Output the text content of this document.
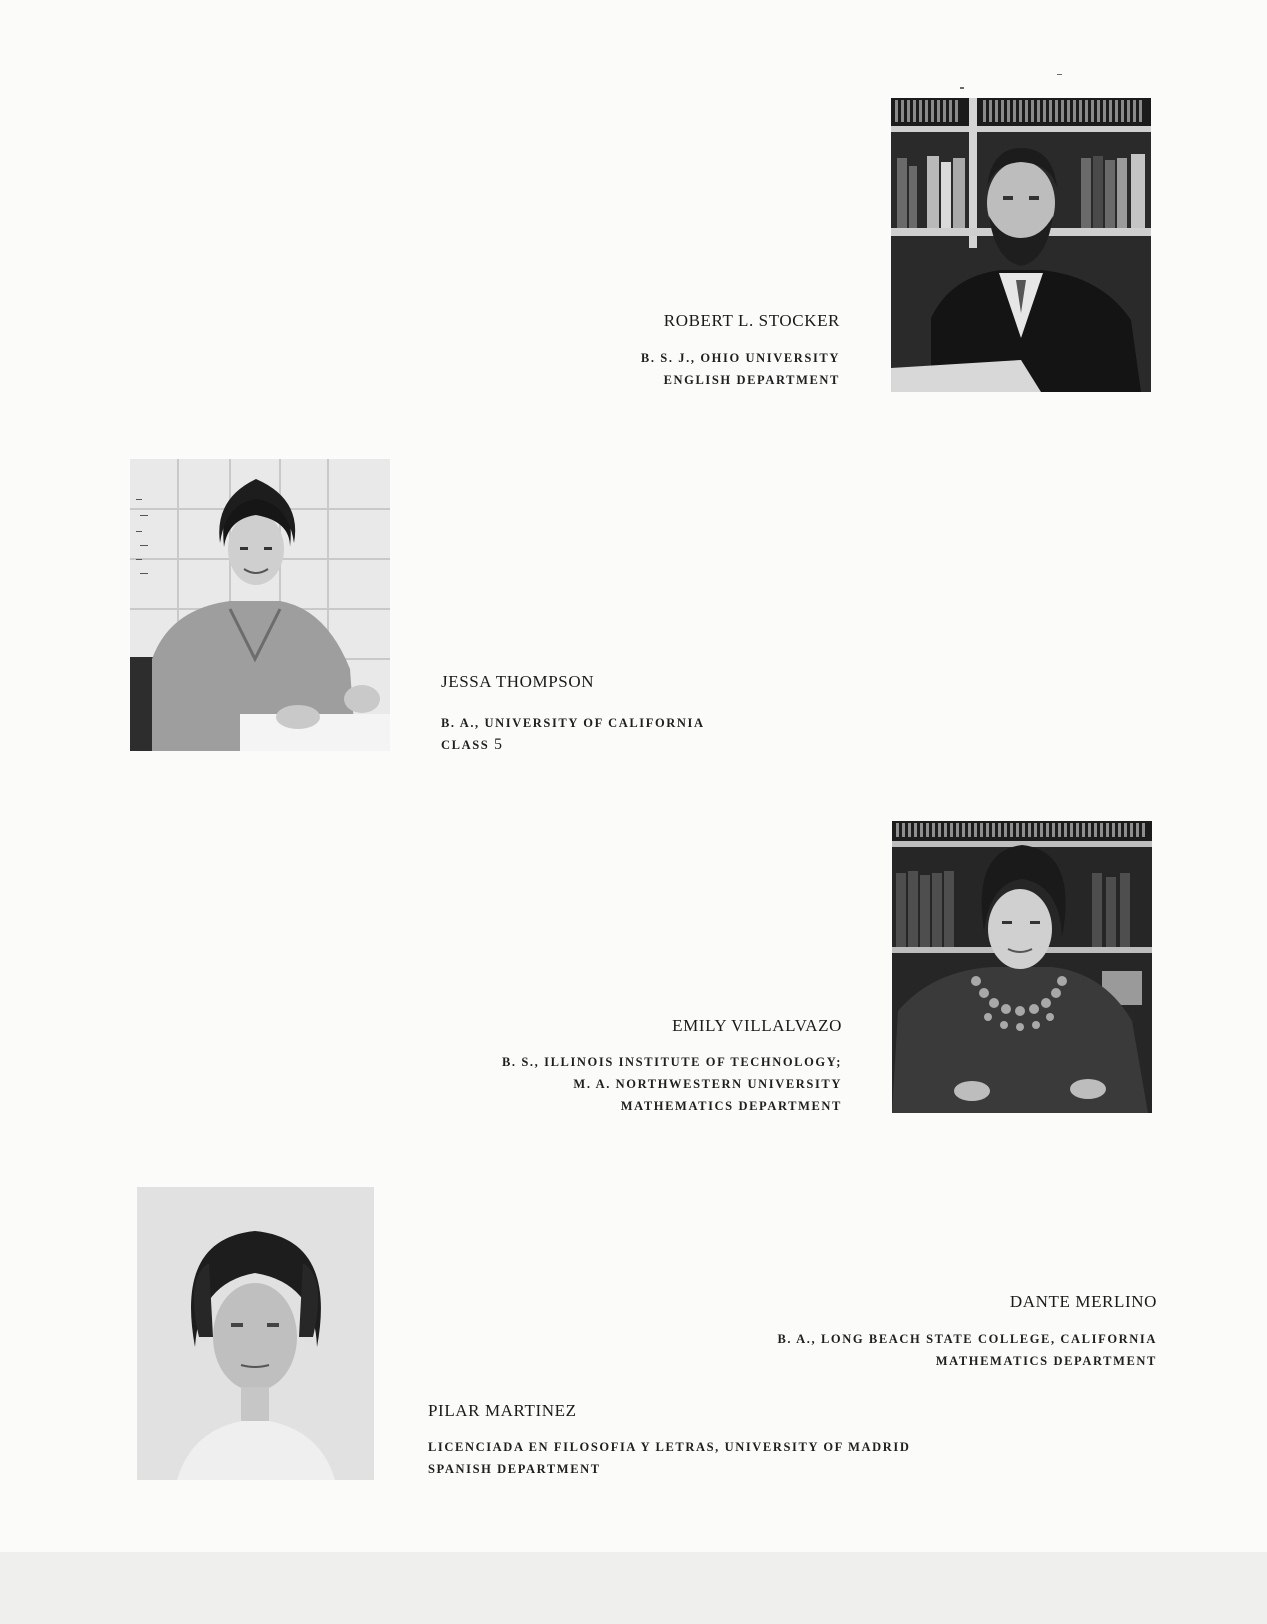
ROBERT L. STOCKER
B. S. J., OHIO UNIVERSITY
ENGLISH DEPARTMENT
JESSA THOMPSON
B. A., UNIVERSITY OF CALIFORNIA
CLASS 5
EMILY VILLALVAZO
B. S., ILLINOIS INSTITUTE OF TECHNOLOGY;
M. A. NORTHWESTERN UNIVERSITY
MATHEMATICS DEPARTMENT
DANTE MERLINO
B. A., LONG BEACH STATE COLLEGE, CALIFORNIA
MATHEMATICS DEPARTMENT
PILAR MARTINEZ
LICENCIADA EN FILOSOFIA Y LETRAS, UNIVERSITY OF MADRID
SPANISH DEPARTMENT
